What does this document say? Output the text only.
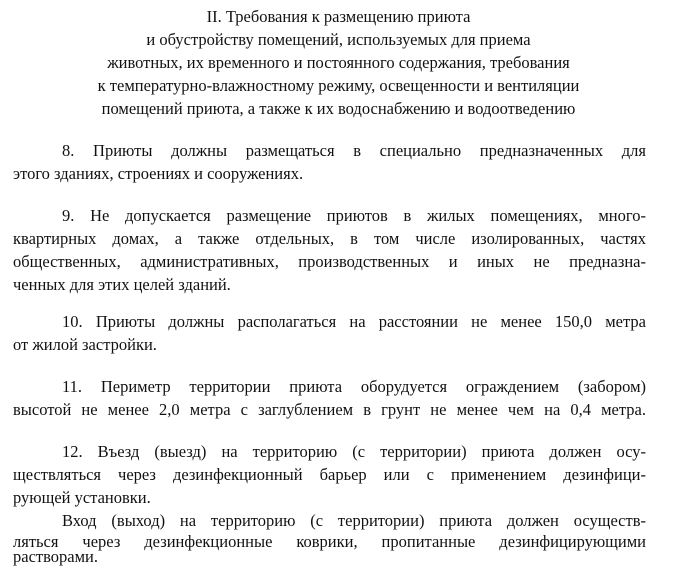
II. Требования к размещению приюта
и обустройству помещений, используемых для приема
животных, их временного и постоянного содержания, требования
к температурно-влажностному режиму, освещенности и вентиляции
помещений приюта, а также к их водоснабжению и водоотведению
8. Приюты должны размещаться в специально предназначенных для
этого зданиях, строениях и сооружениях.
9. Не допускается размещение приютов в жилых помещениях, много-
квартирных домах, а также отдельных, в том числе изолированных, частях
общественных, административных, производственных и иных не предназна-
ченных для этих целей зданий.
10. Приюты должны располагаться на расстоянии не менее 150,0 метра
от жилой застройки.
11. Периметр территории приюта оборудуется ограждением (забором)
высотой не менее 2,0 метра с заглублением в грунт не менее чем на 0,4 метра.
12. Въезд (выезд) на территорию (с территории) приюта должен осу-
ществляться через дезинфекционный барьер или с применением дезинфици-
рующей установки.
Вход (выход) на территорию (с территории) приюта должен осуществ-
ляться через дезинфекционные коврики, пропитанные дезинфицирующими
растворами.
